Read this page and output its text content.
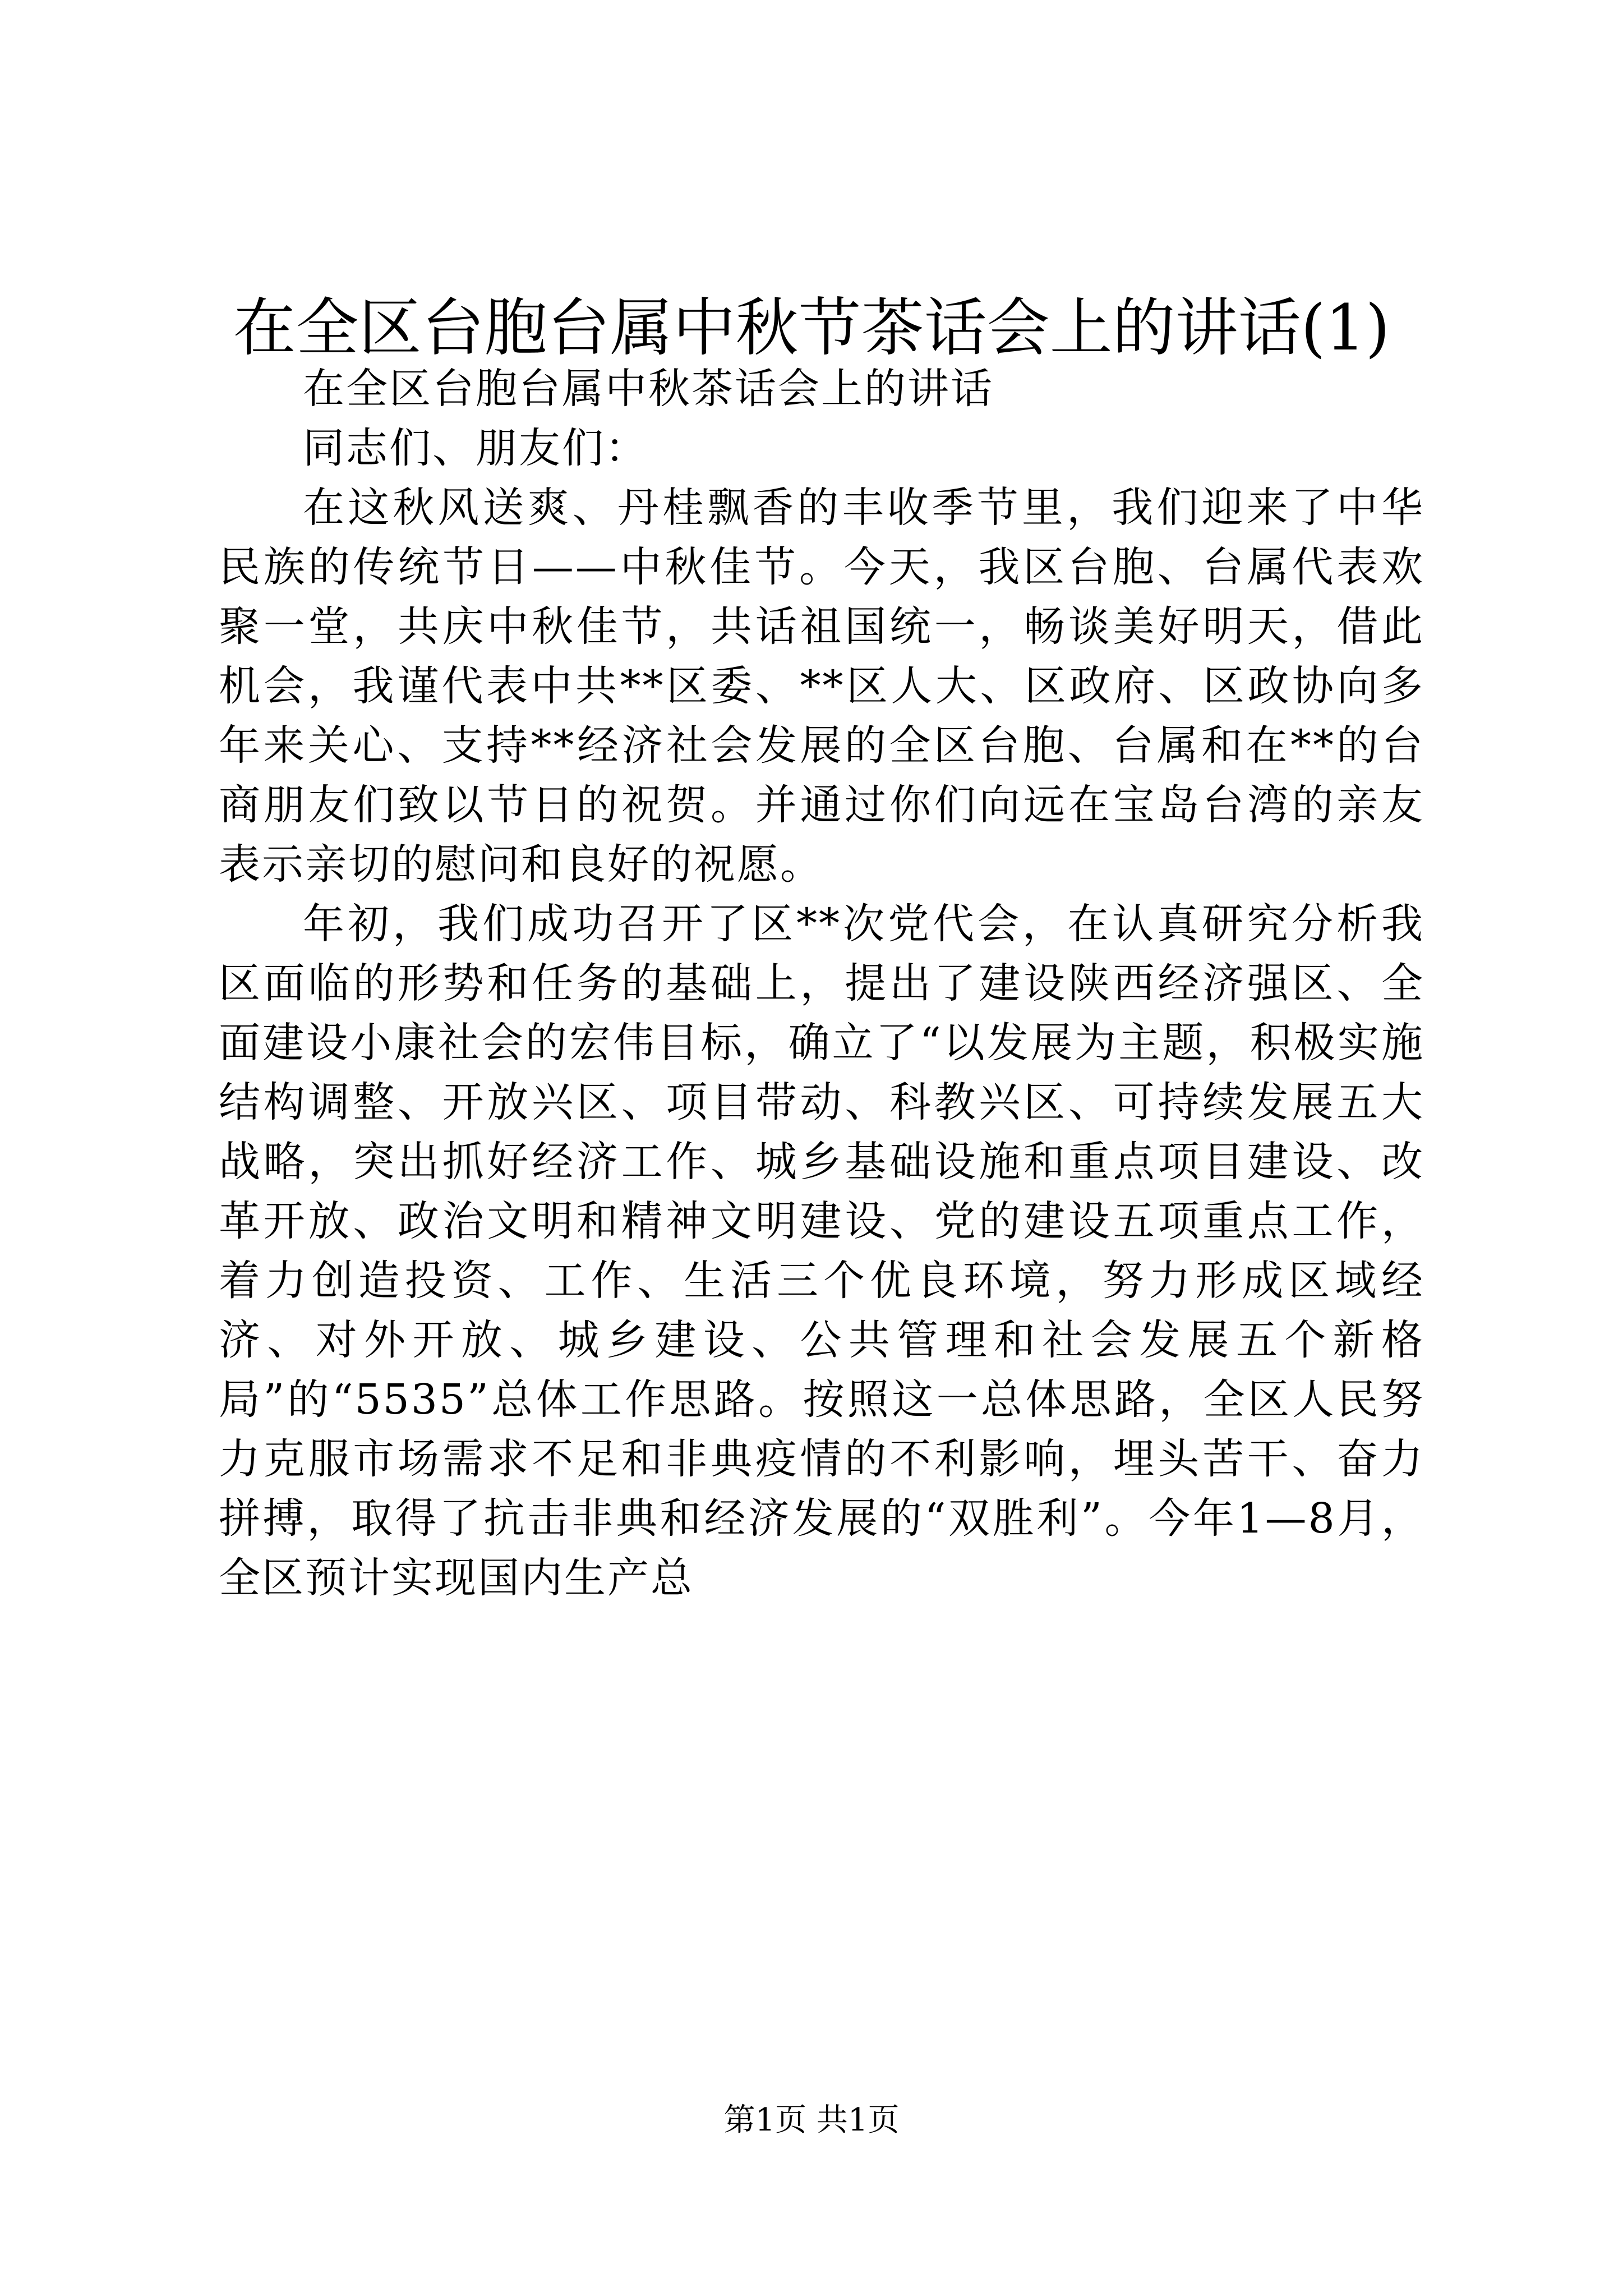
在全区台胞台属中秋节茶话会上的讲话(1)

在全区台胞台属中秋茶话会上的讲话

同志们、朋友们：

在这秋风送爽、丹桂飘香的丰收季节里，我们迎来了中华民族的传统节日——中秋佳节。今天，我区台胞、台属代表欢聚一堂，共庆中秋佳节，共话祖国统一，畅谈美好明天，借此机会，我谨代表中共**区委、**区人大、区政府、区政协向多年来关心、支持**经济社会发展的全区台胞、台属和在**的台商朋友们致以节日的祝贺。并通过你们向远在宝岛台湾的亲友表示亲切的慰问和良好的祝愿。

年初，我们成功召开了区**次党代会，在认真研究分析我区面临的形势和任务的基础上，提出了建设陕西经济强区、全面建设小康社会的宏伟目标，确立了“以发展为主题，积极实施结构调整、开放兴区、项目带动、科教兴区、可持续发展五大战略，突出抓好经济工作、城乡基础设施和重点项目建设、改革开放、政治文明和精神文明建设、党的建设五项重点工作，着力创造投资、工作、生活三个优良环境，努力形成区域经济、对外开放、城乡建设、公共管理和社会发展五个新格局”的“5535”总体工作思路。按照这一总体思路，全区人民努力克服市场需求不足和非典疫情的不利影响，埋头苦干、奋力拼搏，取得了抗击非典和经济发展的“双胜利”。今年1—8月，全区预计实现国内生产总

第1页 共1页
